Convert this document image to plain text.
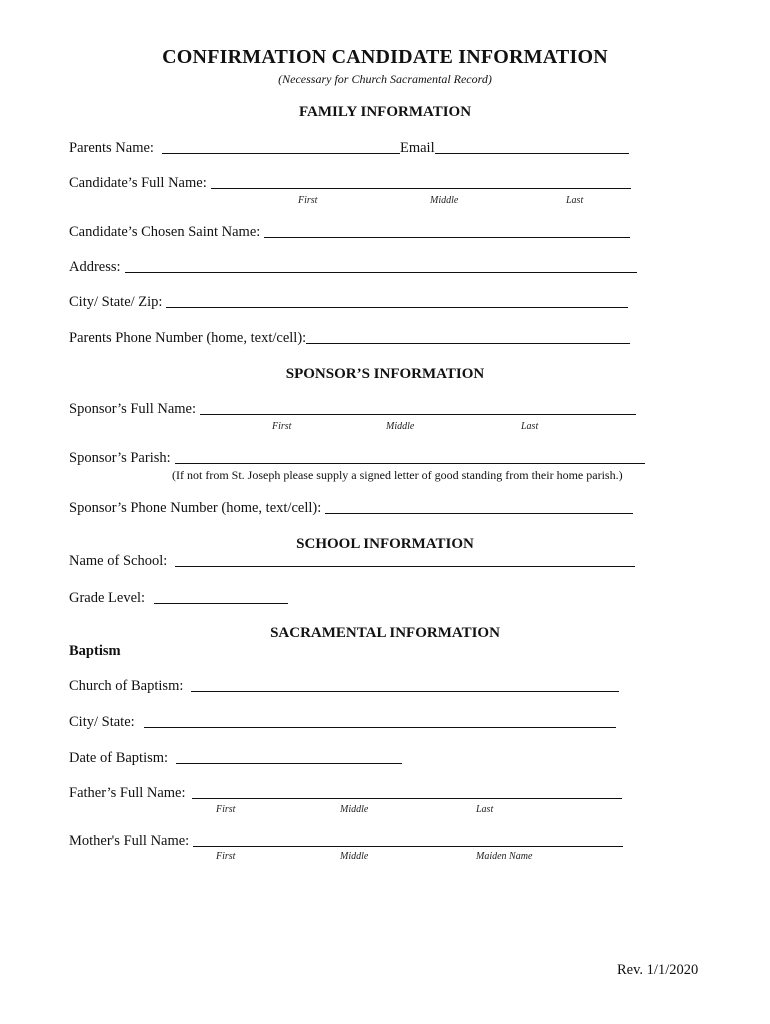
CONFIRMATION CANDIDATE INFORMATION
(Necessary for Church Sacramental Record)
FAMILY INFORMATION
Parents Name:	Email
Candidate’s Full Name:
First	Middle	Last
Candidate’s Chosen Saint Name:
Address:
City/ State/ Zip:
Parents Phone Number (home, text/cell):
SPONSOR’S INFORMATION
Sponsor’s Full Name:
First	Middle	Last
Sponsor’s Parish:
(If not from St. Joseph please supply a signed letter of good standing from their home parish.)
Sponsor’s Phone Number (home, text/cell):
SCHOOL INFORMATION
Name of School:
Grade Level:
SACRAMENTAL INFORMATION
Baptism
Church of Baptism:
City/ State:
Date of Baptism:
Father’s Full Name:
First	Middle	Last
Mother's Full Name:
First	Middle	Maiden Name
Rev. 1/1/2020
